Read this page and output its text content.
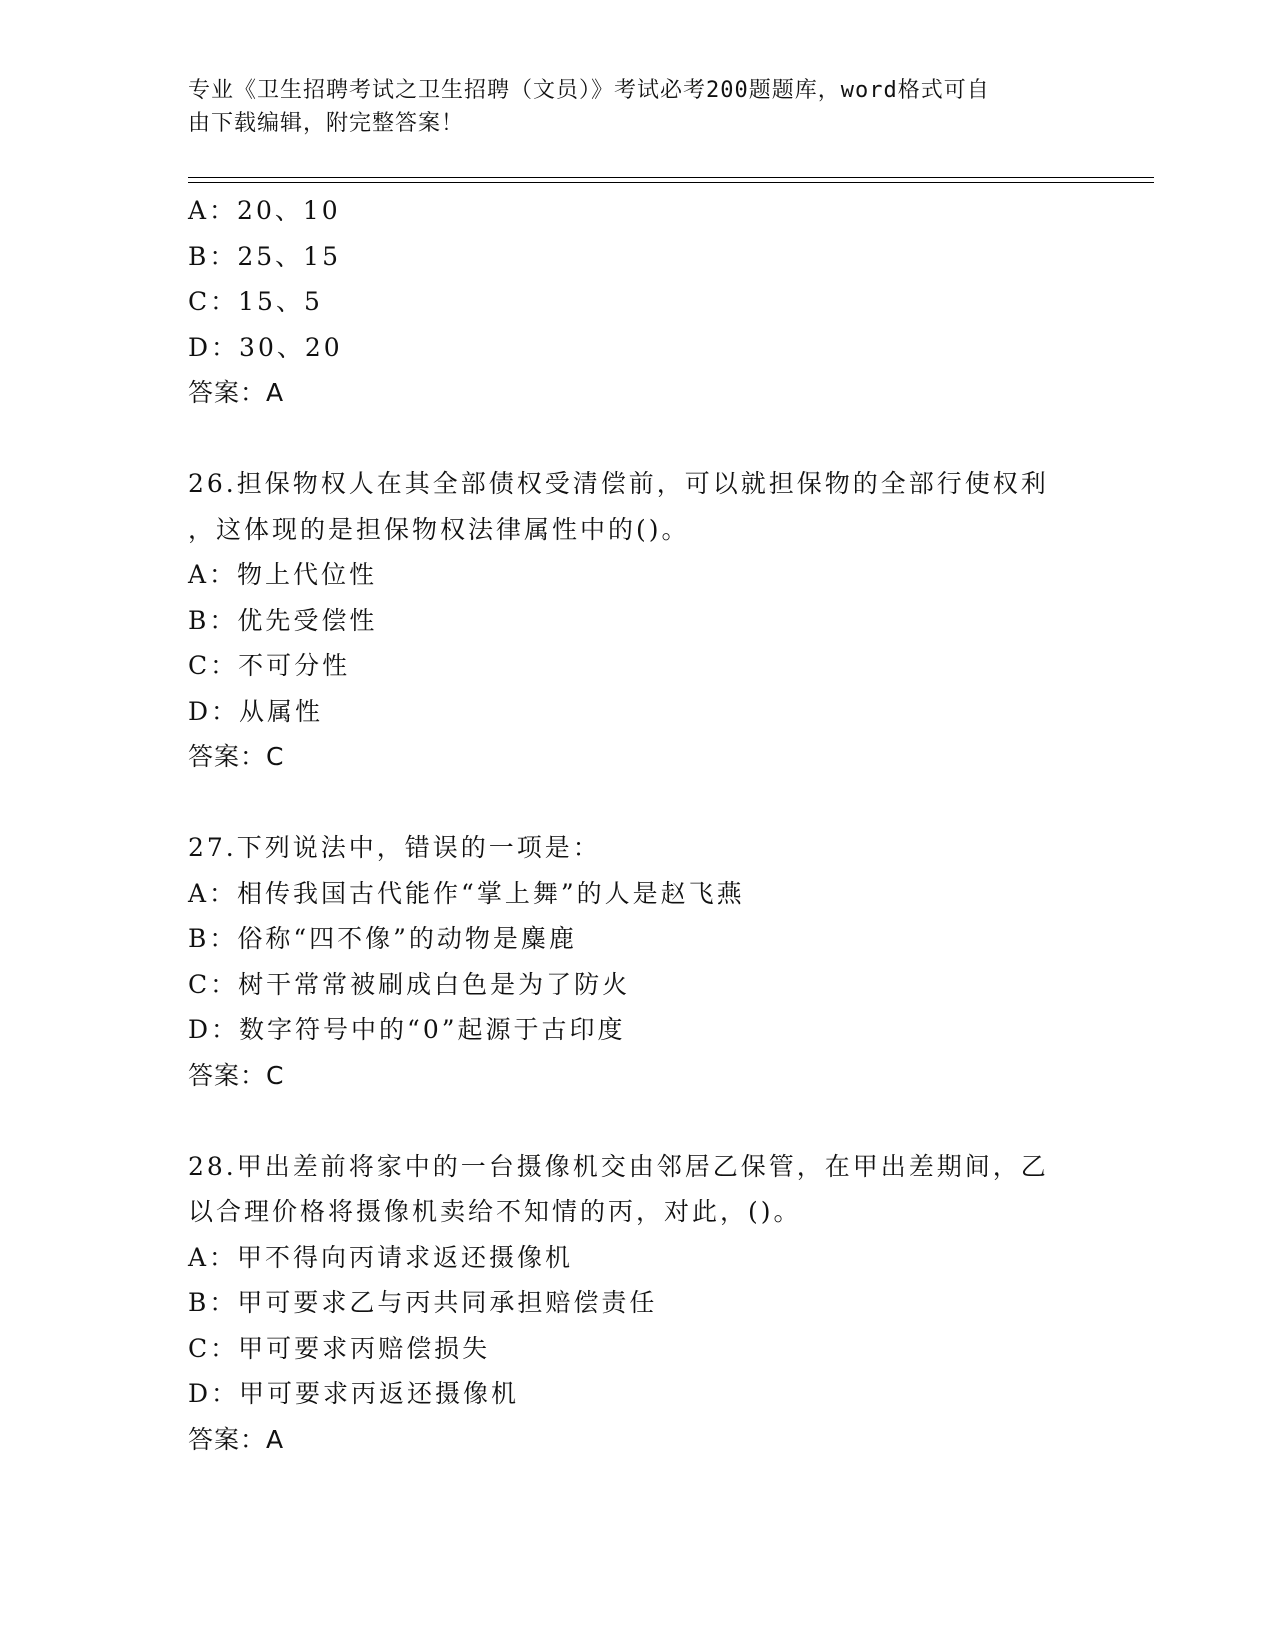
专业《卫生招聘考试之卫生招聘（文员）》考试必考200题题库，word格式可自
由下载编辑，附完整答案！
A：20、10
B：25、15
C：15、5
D：30、20
答案：A
26.担保物权人在其全部债权受清偿前，可以就担保物的全部行使权利
，这体现的是担保物权法律属性中的()。
A：物上代位性
B：优先受偿性
C：不可分性
D：从属性
答案：C
27.下列说法中，错误的一项是：
A：相传我国古代能作“掌上舞”的人是赵飞燕
B：俗称“四不像”的动物是麋鹿
C：树干常常被刷成白色是为了防火
D：数字符号中的“0”起源于古印度
答案：C
28.甲出差前将家中的一台摄像机交由邻居乙保管，在甲出差期间，乙
以合理价格将摄像机卖给不知情的丙，对此，()。
A：甲不得向丙请求返还摄像机
B：甲可要求乙与丙共同承担赔偿责任
C：甲可要求丙赔偿损失
D：甲可要求丙返还摄像机
答案：A
